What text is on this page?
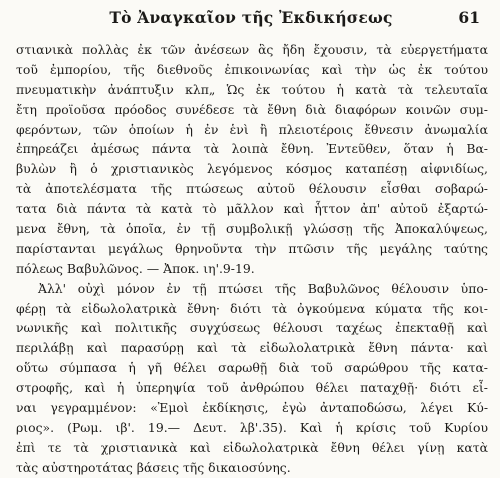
Τὸ Ἀναγκαῖον τῆς Ἐκδικήσεως	61
στιανικὰ πολλὰς ἐκ τῶν ἀνέσεων ἃς ἤδη ἔχουσιν, τὰ εὐεργετήματα
τοῦ ἐμπορίου, τῆς διεθνοῦς ἐπικοινωνίας καὶ τὴν ὡς ἐκ τούτου
πνευματικὴν ἀνάπτυξιν κλπ„ Ὡς ἐκ τούτου ἡ κατὰ τὰ τελευταῖα
ἔτη προϊοῦσα πρόοδος συνέδεσε τὰ ἔθνη διὰ διαφόρων κοινῶν συμ-
φερόντων, τῶν ὁποίων ἡ ἐν ἑνὶ ἢ πλειοτέροις ἔθνεσιν ἀνωμαλία
ἐπηρεάζει ἀμέσως πάντα τὰ λοιπὰ ἔθνη. Ἐντεῦθεν, ὅταν ἡ Βα-
βυλὼν ἢ ὁ χριστιανικὸς λεγόμενος κόσμος καταπέσῃ αἰφνιδίως,
τὰ ἀποτελέσματα τῆς πτώσεως αὐτοῦ θέλουσιν εἶσθαι σοβαρώ-
τατα διὰ πάντα τὰ κατὰ τὸ μᾶλλον καὶ ἧττον ἀπ' αὐτοῦ ἐξαρτώ-
μενα ἔθνη, τὰ ὁποῖα, ἐν τῇ συμβολικῇ γλώσσῃ τῆς Ἀποκαλύψεως,
παρίστανται μεγάλως θρηνοῦντα τὴν πτῶσιν τῆς μεγάλης ταύτης
πόλεως Βαβυλῶνος. — Ἀποκ. ιη'.9-19.
Ἀλλ' οὐχὶ μόνον ἐν τῇ πτώσει τῆς Βαβυλῶνος θέλουσιν ὑπο-
φέρῃ τὰ εἰδωλολατρικὰ ἔθνη· διότι τὰ ὀγκούμενα κύματα τῆς κοι-
νωνικῆς καὶ πολιτικῆς συγχύσεως θέλουσι ταχέως ἐπεκταθῇ καὶ
περιλάβῃ καὶ παρασύρῃ καὶ τὰ εἰδωλολατρικὰ ἔθνη πάντα· καὶ
οὕτω σύμπασα ἡ γῆ θέλει σαρωθῇ διὰ τοῦ σαρώθρου τῆς κατα-
στροφῆς, καὶ ἡ ὑπερηψία τοῦ ἀνθρώπου θέλει παταχθῇ· διότι εἶ-
ναι γεγραμμένον: «Ἐμοὶ ἐκδίκησις, ἐγὼ ἀνταποδώσω, λέγει Κύ-
ριος». (Ρωμ. ιβ'. 19.— Δευτ. λβ'.35). Καὶ ἡ κρίσις τοῦ Κυρίου
ἐπὶ τε τὰ χριστιανικὰ καὶ εἰδωλολατρικὰ ἔθνη θέλει γίνῃ κατὰ
τὰς αὐστηροτάτας βάσεις τῆς δικαιοσύνης.
